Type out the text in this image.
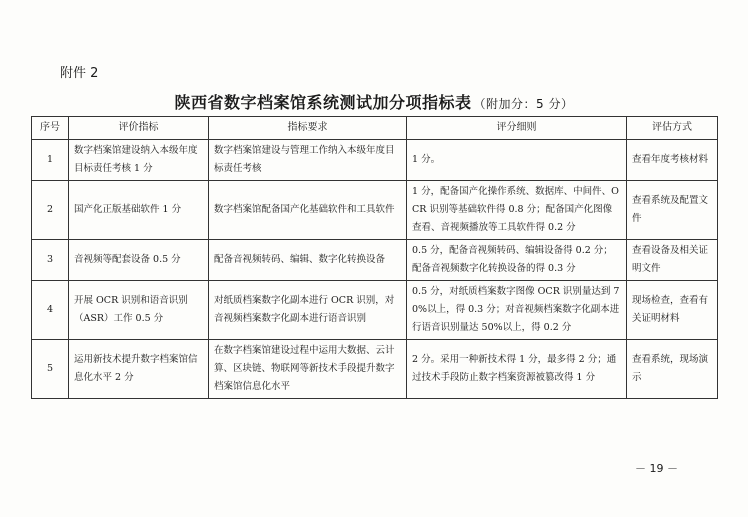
附件 2
陕西省数字档案馆系统测试加分项指标表 （附加分：5 分）
序号	评价指标	指标要求	评分细则	评估方式
1	数字档案馆建设纳入本级年度目标责任考核 1 分	数字档案馆建设与管理工作纳入本级年度目标责任考核	1 分。	查看年度考核材料
2	国产化正版基础软件 1 分	数字档案馆配备国产化基础软件和工具软件	1 分，配备国产化操作系统、数据库、中间件、OCR 识别等基础软件得 0.8 分；配备国产化图像查看、音视频播放等工具软件得 0.2 分	查看系统及配置文件
3	音视频等配套设备 0.5 分	配备音视频转码、编辑、数字化转换设备	0.5 分，配备音视频转码、编辑设备得 0.2 分；配备音视频数字化转换设备的得 0.3 分	查看设备及相关证明文件
4	开展 OCR 识别和语音识别（ASR）工作 0.5 分	对纸质档案数字化副本进行 OCR 识别，对音视频档案数字化副本进行语音识别	0.5 分，对纸质档案数字图像 OCR 识别量达到 70%以上，得 0.3 分；对音视频档案数字化副本进行语音识别量达 50%以上，得 0.2 分	现场检查，查看有关证明材料
5	运用新技术提升数字档案馆信息化水平 2 分	在数字档案馆建设过程中运用大数据、云计算、区块链、物联网等新技术手段提升数字档案馆信息化水平	2 分。采用一种新技术得 1 分，最多得 2 分；通过技术手段防止数字档案资源被篡改得 1 分	查看系统，现场演示
－ 19 －
